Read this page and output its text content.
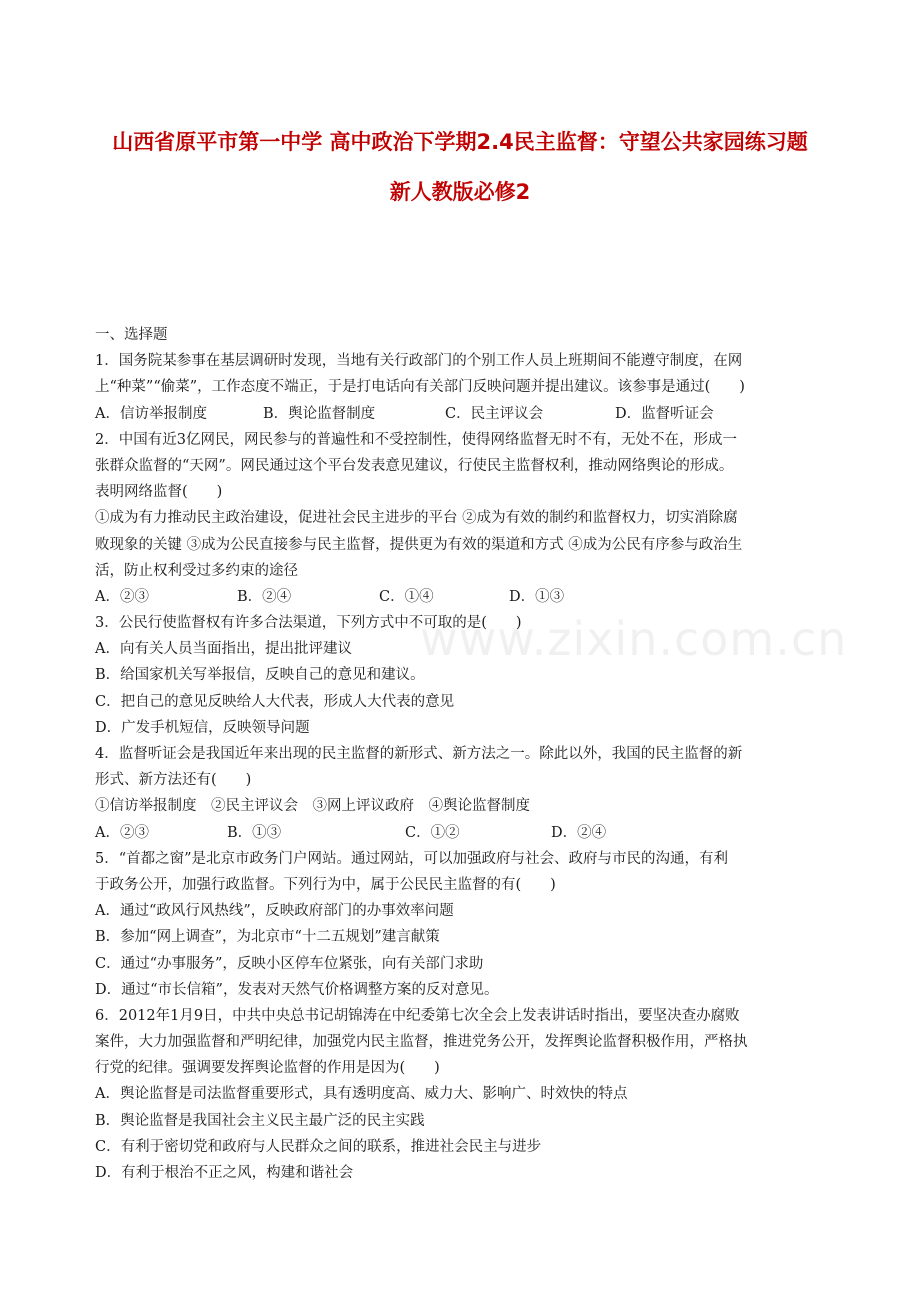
山西省原平市第一中学 高中政治下学期2.4民主监督：守望公共家园练习题
新人教版必修2
www.zixin.com.cn
一、选择题
1．国务院某参事在基层调研时发现，当地有关行政部门的个别工作人员上班期间不能遵守制度，在网
上“种菜”“偷菜”，工作态度不端正，于是打电话向有关部门反映问题并提出建议。该参事是通过(　　)
A．信访举报制度	B．舆论监督制度	C．民主评议会	D．监督听证会
2．中国有近3亿网民，网民参与的普遍性和不受控制性，使得网络监督无时不有，无处不在，形成一
张群众监督的“天网”。网民通过这个平台发表意见建议，行使民主监督权利，推动网络舆论的形成。
表明网络监督(　　)
①成为有力推动民主政治建设，促进社会民主进步的平台 ②成为有效的制约和监督权力，切实消除腐
败现象的关键 ③成为公民直接参与民主监督，提供更为有效的渠道和方式 ④成为公民有序参与政治生
活，防止权利受过多约束的途径
A．②③	B．②④	C．①④	D．①③
3．公民行使监督权有许多合法渠道，下列方式中不可取的是(　　)
A．向有关人员当面指出，提出批评建议
B．给国家机关写举报信，反映自己的意见和建议。
C．把自己的意见反映给人大代表，形成人大代表的意见
D．广发手机短信，反映领导问题
4．监督听证会是我国近年来出现的民主监督的新形式、新方法之一。除此以外，我国的民主监督的新
形式、新方法还有(　　)
①信访举报制度　②民主评议会　③网上评议政府　④舆论监督制度
A．②③	B．①③	C．①②	D．②④
5．“首都之窗”是北京市政务门户网站。通过网站，可以加强政府与社会、政府与市民的沟通，有利
于政务公开，加强行政监督。下列行为中，属于公民民主监督的有(　　)
A．通过“政风行风热线”，反映政府部门的办事效率问题
B．参加“网上调查”，为北京市“十二五规划”建言献策
C．通过“办事服务”，反映小区停车位紧张，向有关部门求助
D．通过“市长信箱”，发表对天然气价格调整方案的反对意见。
6．2012年1月9日，中共中央总书记胡锦涛在中纪委第七次全会上发表讲话时指出，要坚决查办腐败
案件，大力加强监督和严明纪律，加强党内民主监督，推进党务公开，发挥舆论监督积极作用，严格执
行党的纪律。强调要发挥舆论监督的作用是因为(　　)
A．舆论监督是司法监督重要形式，具有透明度高、威力大、影响广、时效快的特点
B．舆论监督是我国社会主义民主最广泛的民主实践
C．有利于密切党和政府与人民群众之间的联系，推进社会民主与进步
D．有利于根治不正之风，构建和谐社会
